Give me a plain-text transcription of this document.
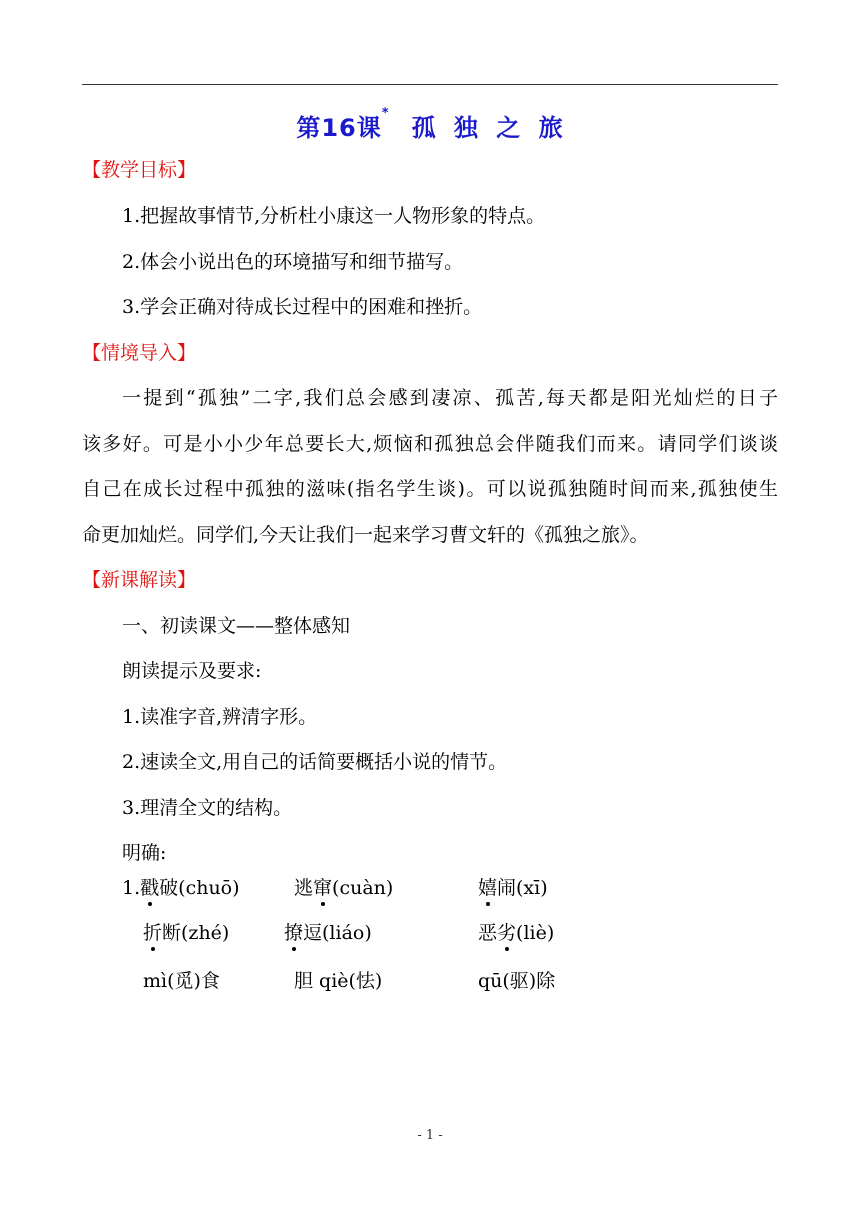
第16课*孤 独 之 旅
【教学目标】
1.把握故事情节,分析杜小康这一人物形象的特点。
2.体会小说出色的环境描写和细节描写。
3.学会正确对待成长过程中的困难和挫折。
【情境导入】
一提到“孤独”二字,我们总会感到凄凉、孤苦,每天都是阳光灿烂的日子
该多好。可是小小少年总要长大,烦恼和孤独总会伴随我们而来。请同学们谈谈
自己在成长过程中孤独的滋味(指名学生谈)。可以说孤独随时间而来,孤独使生
命更加灿烂。同学们,今天让我们一起来学习曹文轩的《孤独之旅》。
【新课解读】
一、初读课文——整体感知
朗读提示及要求:
1.读准字音,辨清字形。
2.速读全文,用自己的话简要概括小说的情节。
3.理清全文的结构。
明确:
1.戳破(chuō)	逃窜(cuàn)	嬉闹(xī)
折断(zhé)	撩逗(liáo)	恶劣(liè)
mì(觅)食	胆 qiè(怯)	qū(驱)除
- 1 -
